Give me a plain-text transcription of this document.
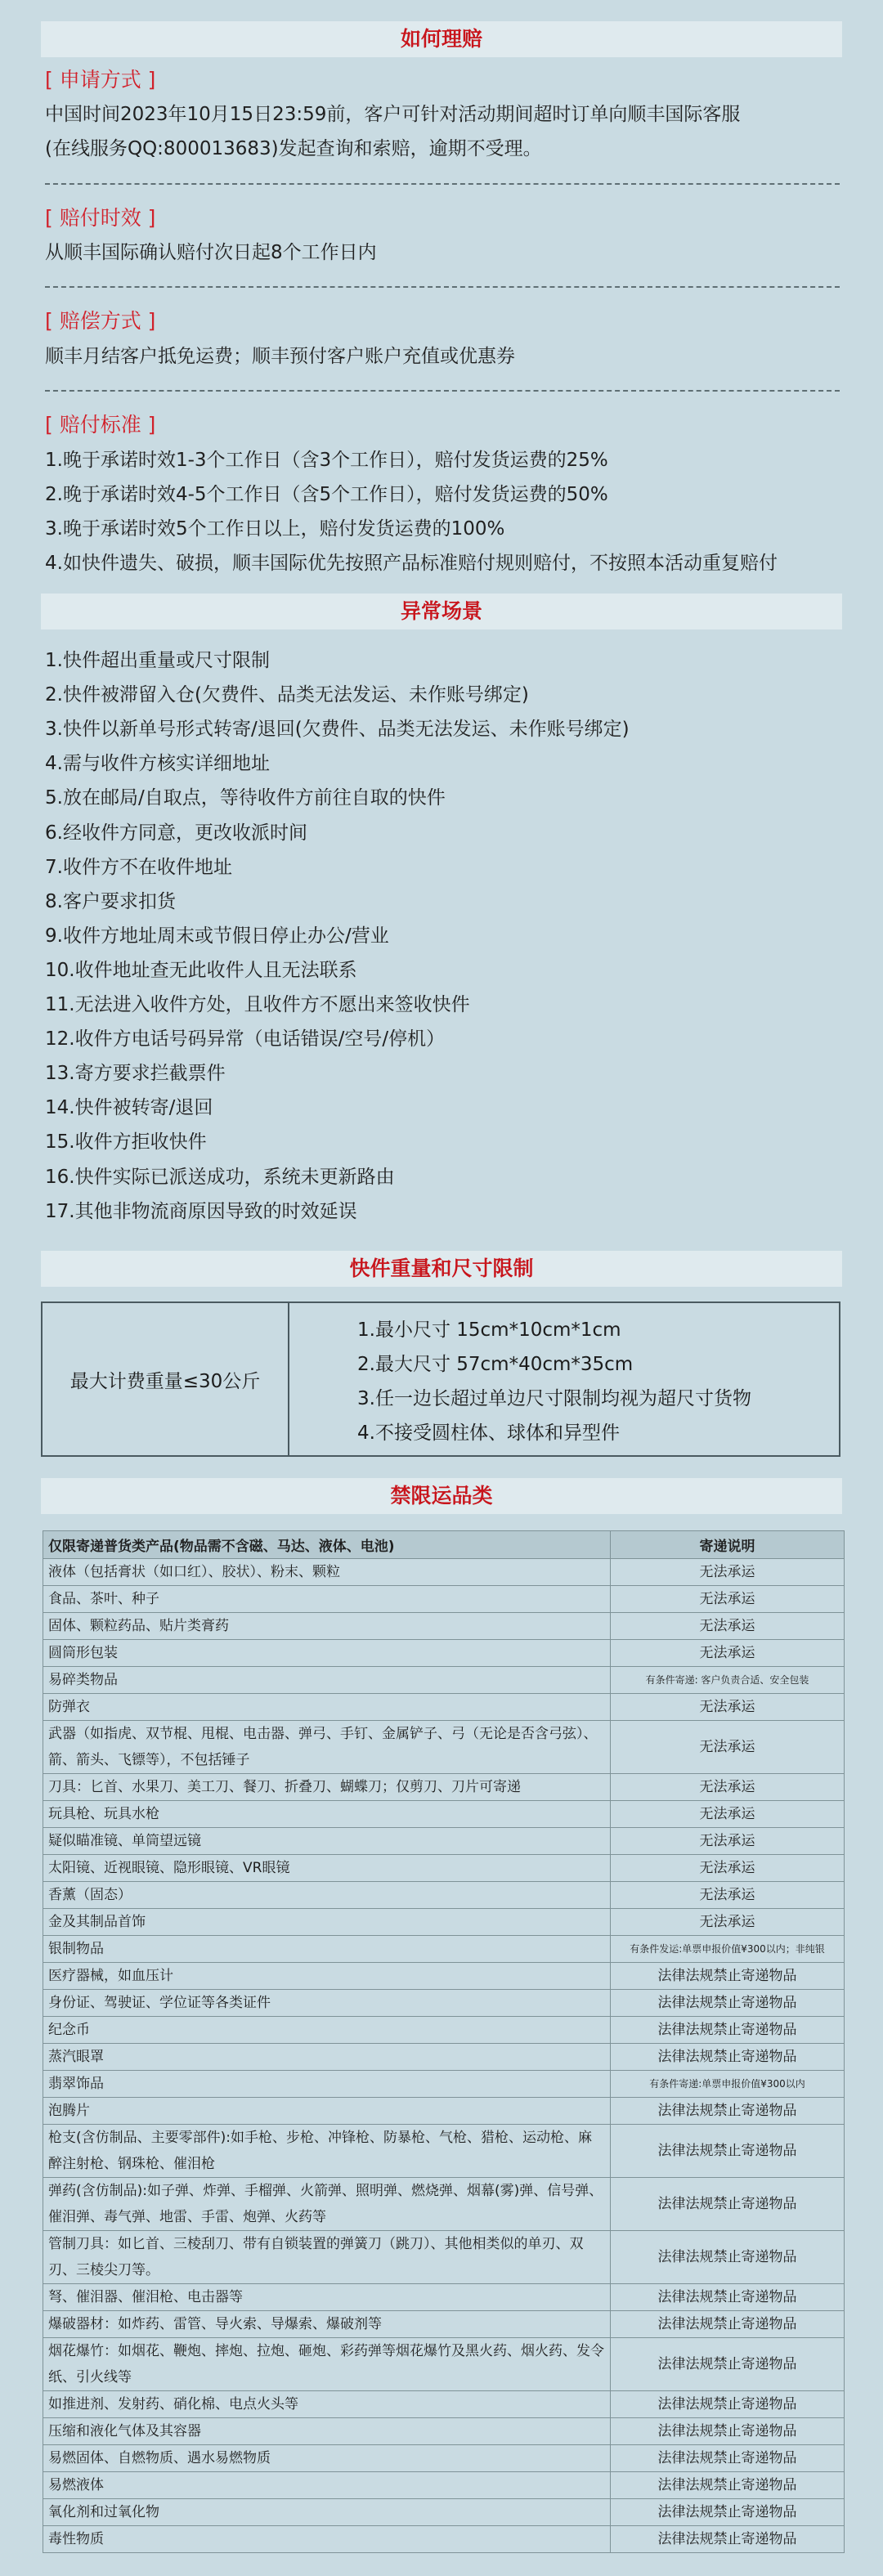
如何理赔
[ 申请方式 ]
中国时间2023年10月15日23:59前，客户可针对活动期间超时订单向顺丰国际客服
(在线服务QQ:800013683)发起查询和索赔，逾期不受理。
[ 赔付时效 ]
从顺丰国际确认赔付次日起8个工作日内
[ 赔偿方式 ]
顺丰月结客户抵免运费；顺丰预付客户账户充值或优惠券
[ 赔付标准 ]
1.晚于承诺时效1-3个工作日（含3个工作日），赔付发货运费的25%
2.晚于承诺时效4-5个工作日（含5个工作日），赔付发货运费的50%
3.晚于承诺时效5个工作日以上，赔付发货运费的100%
4.如快件遗失、破损，顺丰国际优先按照产品标准赔付规则赔付，不按照本活动重复赔付
异常场景
1.快件超出重量或尺寸限制
2.快件被滞留入仓(欠费件、品类无法发运、未作账号绑定)
3.快件以新单号形式转寄/退回(欠费件、品类无法发运、未作账号绑定)
4.需与收件方核实详细地址
5.放在邮局/自取点，等待收件方前往自取的快件
6.经收件方同意，更改收派时间
7.收件方不在收件地址
8.客户要求扣货
9.收件方地址周末或节假日停止办公/营业
10.收件地址查无此收件人且无法联系
11.无法进入收件方处，且收件方不愿出来签收快件
12.收件方电话号码异常（电话错误/空号/停机）
13.寄方要求拦截票件
14.快件被转寄/退回
15.收件方拒收快件
16.快件实际已派送成功，系统未更新路由
17.其他非物流商原因导致的时效延误
快件重量和尺寸限制
最大计费重量≤30公斤
1.最小尺寸 15cm*10cm*1cm
2.最大尺寸 57cm*40cm*35cm
3.任一边长超过单边尺寸限制均视为超尺寸货物
4.不接受圆柱体、球体和异型件
禁限运品类
仅限寄递普货类产品(物品需不含磁、马达、液体、电池)	寄递说明
液体（包括膏状（如口红）、胶状）、粉末、颗粒	无法承运
食品、茶叶、种子	无法承运
固体、颗粒药品、贴片类膏药	无法承运
圆筒形包装	无法承运
易碎类物品	有条件寄递: 客户负责合适、安全包装
防弹衣	无法承运
武器（如指虎、双节棍、甩棍、电击器、弹弓、手钉、金属铲子、弓（无论是否含弓弦）、箭、箭头、飞镖等），不包括锤子	无法承运
刀具：匕首、水果刀、美工刀、餐刀、折叠刀、蝴蝶刀；仅剪刀、刀片可寄递	无法承运
玩具枪、玩具水枪	无法承运
疑似瞄准镜、单筒望远镜	无法承运
太阳镜、近视眼镜、隐形眼镜、VR眼镜	无法承运
香薰（固态）	无法承运
金及其制品首饰	无法承运
银制物品	有条件发运:单票申报价值¥300以内；非纯银
医疗器械，如血压计	法律法规禁止寄递物品
身份证、驾驶证、学位证等各类证件	法律法规禁止寄递物品
纪念币	法律法规禁止寄递物品
蒸汽眼罩	法律法规禁止寄递物品
翡翠饰品	有条件寄递:单票申报价值¥300以内
泡腾片	法律法规禁止寄递物品
枪支(含仿制品、主要零部件):如手枪、步枪、冲锋枪、防暴枪、气枪、猎枪、运动枪、麻醉注射枪、钢珠枪、催泪枪	法律法规禁止寄递物品
弹药(含仿制品):如子弹、炸弹、手榴弹、火箭弹、照明弹、燃烧弹、烟幕(雾)弹、信号弹、催泪弹、毒气弹、地雷、手雷、炮弹、火药等	法律法规禁止寄递物品
管制刀具：如匕首、三棱刮刀、带有自锁装置的弹簧刀（跳刀）、其他相类似的单刃、双刃、三棱尖刀等。	法律法规禁止寄递物品
弩、催泪器、催泪枪、电击器等	法律法规禁止寄递物品
爆破器材：如炸药、雷管、导火索、导爆索、爆破剂等	法律法规禁止寄递物品
烟花爆竹：如烟花、鞭炮、摔炮、拉炮、砸炮、彩药弹等烟花爆竹及黑火药、烟火药、发令纸、引火线等	法律法规禁止寄递物品
如推进剂、发射药、硝化棉、电点火头等	法律法规禁止寄递物品
压缩和液化气体及其容器	法律法规禁止寄递物品
易燃固体、自燃物质、遇水易燃物质	法律法规禁止寄递物品
易燃液体	法律法规禁止寄递物品
氧化剂和过氧化物	法律法规禁止寄递物品
毒性物质	法律法规禁止寄递物品
